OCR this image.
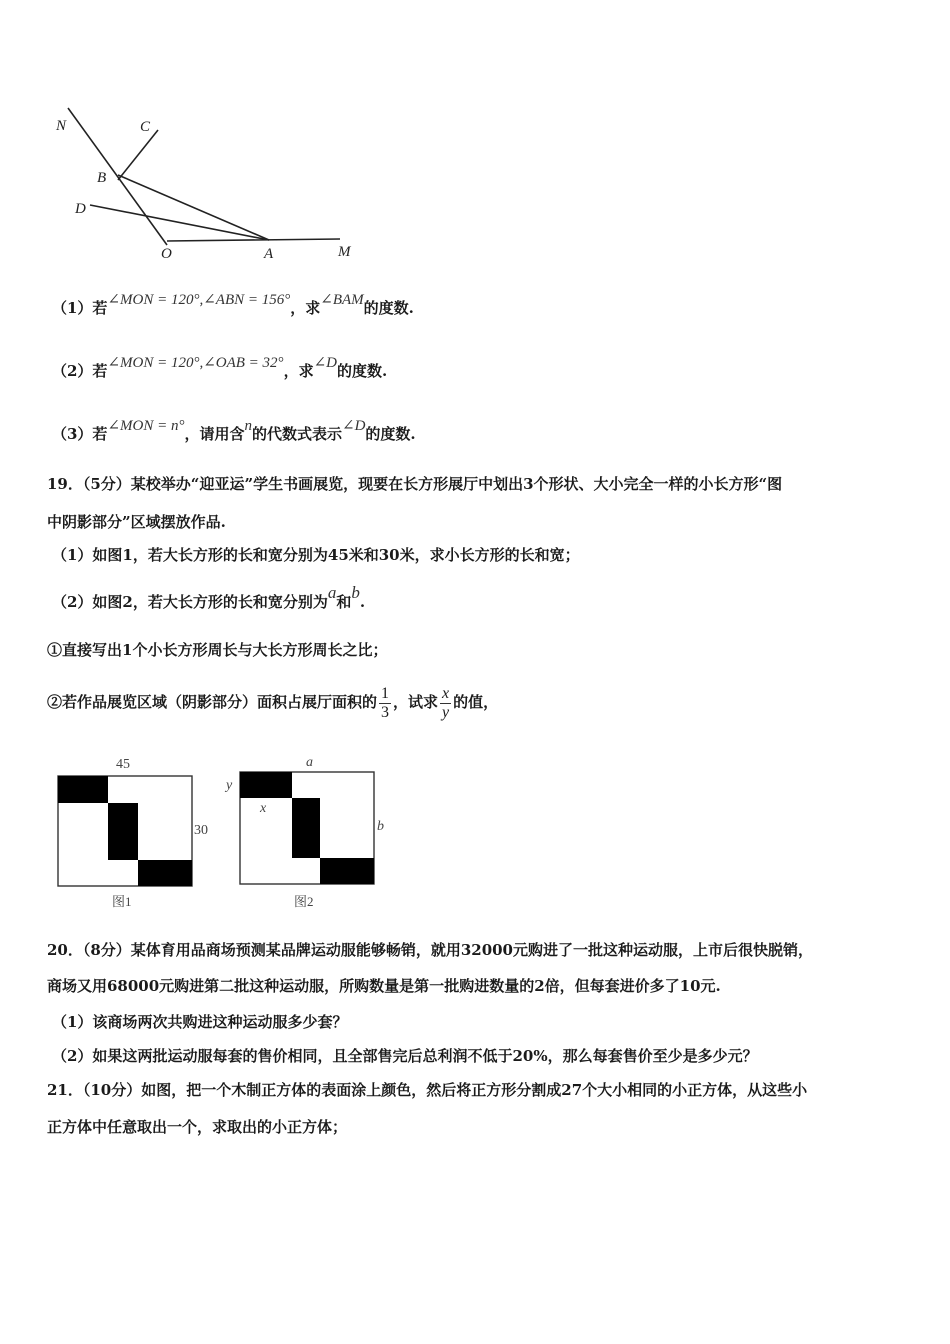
N	C
B
D
O	A	M
（1）若∠MON = 120°,∠ABN = 156°，求∠BAM的度数.
（2）若∠MON = 120°,∠OAB = 32°，求∠D的度数.
（3）若∠MON = n°，请用含n的代数式表示∠D的度数.
19．（5分）某校举办“迎亚运”学生书画展览，现要在长方形展厅中划出3个形状、大小完全一样的小长方形“图
中阴影部分”区域摆放作品.
（1）如图1，若大长方形的长和宽分别为45米和30米，求小长方形的长和宽；
（2）如图2，若大长方形的长和宽分别为a和b.
①直接写出1个小长方形周长与大长方形周长之比；
②若作品展览区域（阴影部分）面积占展厅面积的 $\frac{1}{3}$ ，试求 $\frac{x}{y}$ 的值，
45
30
图1
a
y
x
b
图2
20．（8分）某体育用品商场预测某品牌运动服能够畅销，就用32000元购进了一批这种运动服，上市后很快脱销，
商场又用68000元购进第二批这种运动服，所购数量是第一批购进数量的2倍，但每套进价多了10元.
（1）该商场两次共购进这种运动服多少套？
（2）如果这两批运动服每套的售价相同，且全部售完后总利润不低于20%，那么每套售价至少是多少元？
21．（10分）如图，把一个木制正方体的表面涂上颜色，然后将正方形分割成27个大小相同的小正方体，从这些小
正方体中任意取出一个，求取出的小正方体；
